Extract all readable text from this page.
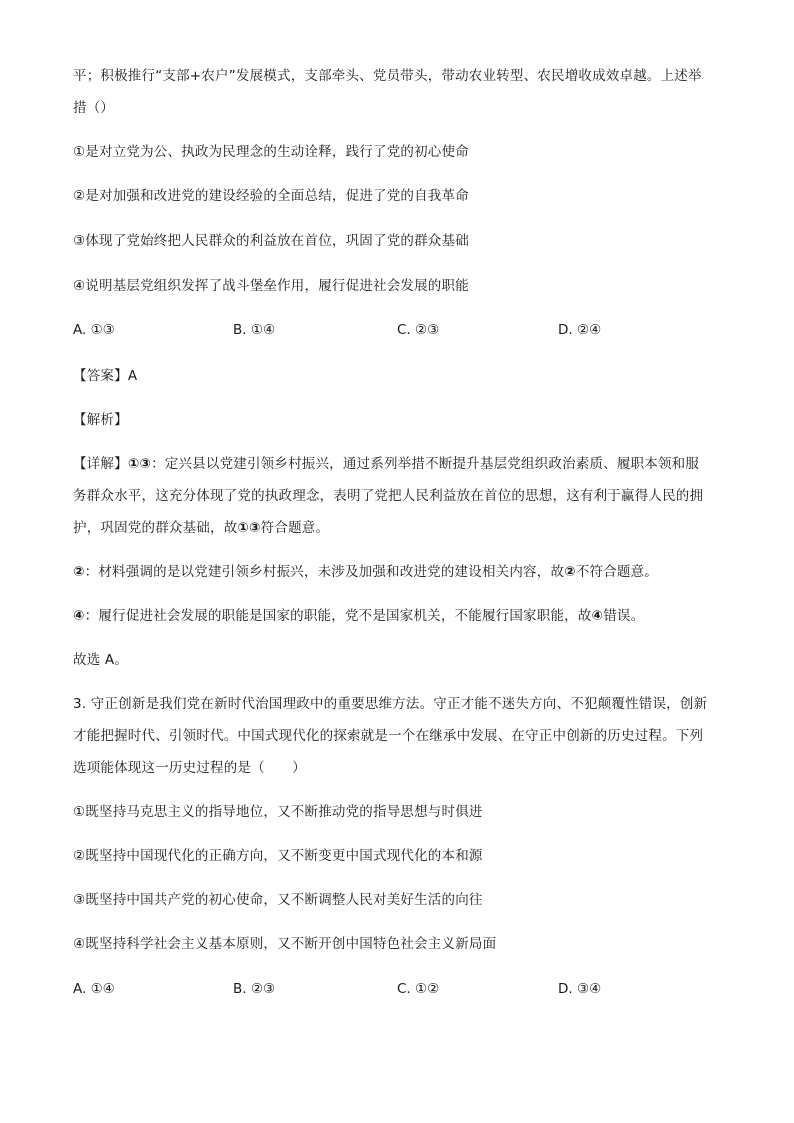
平；积极推行“支部+农户”发展模式，支部牵头、党员带头，带动农业转型、农民增收成效卓越。上述举
措（）
①是对立党为公、执政为民理念的生动诠释，践行了党的初心使命
②是对加强和改进党的建设经验的全面总结，促进了党的自我革命
③体现了党始终把人民群众的利益放在首位，巩固了党的群众基础
④说明基层党组织发挥了战斗堡垒作用，履行促进社会发展的职能
A. ①③	B. ①④	C. ②③	D. ②④
【答案】A
【解析】
【详解】①③：定兴县以党建引领乡村振兴，通过系列举措不断提升基层党组织政治素质、履职本领和服
务群众水平，这充分体现了党的执政理念，表明了党把人民利益放在首位的思想，这有利于赢得人民的拥
护，巩固党的群众基础，故①③符合题意。
②：材料强调的是以党建引领乡村振兴，未涉及加强和改进党的建设相关内容，故②不符合题意。
④：履行促进社会发展的职能是国家的职能，党不是国家机关，不能履行国家职能，故④错误。
故选 A。
3. 守正创新是我们党在新时代治国理政中的重要思维方法。守正才能不迷失方向、不犯颠覆性错误，创新
才能把握时代、引领时代。中国式现代化的探索就是一个在继承中发展、在守正中创新的历史过程。下列
选项能体现这一历史过程的是（　　）
①既坚持马克思主义的指导地位，又不断推动党的指导思想与时俱进
②既坚持中国现代化的正确方向，又不断变更中国式现代化的本和源
③既坚持中国共产党的初心使命，又不断调整人民对美好生活的向往
④既坚持科学社会主义基本原则，又不断开创中国特色社会主义新局面
A. ①④	B. ②③	C. ①②	D. ③④
